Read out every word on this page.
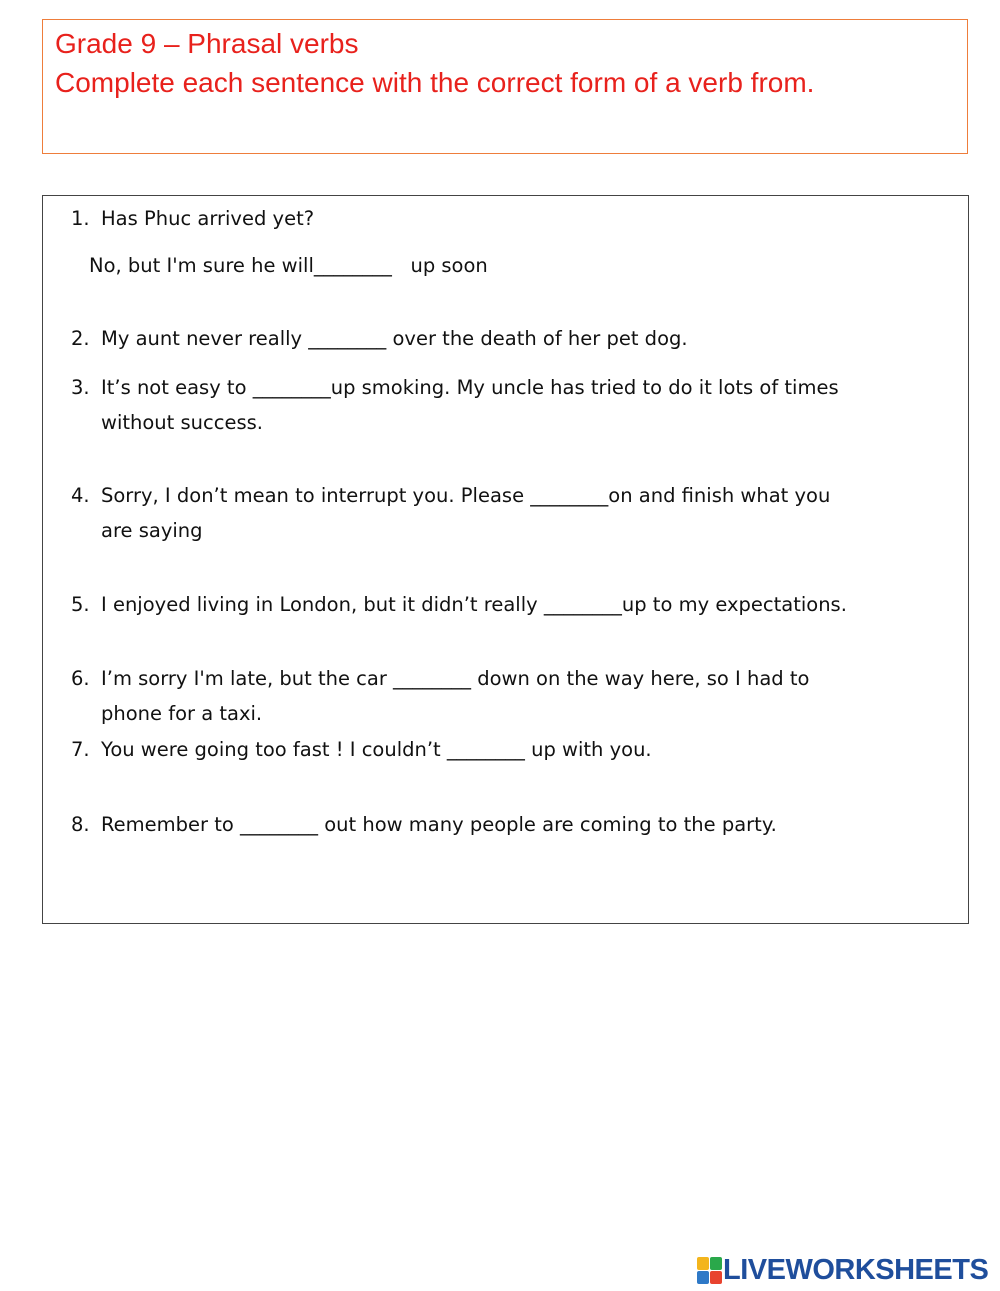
Grade 9 – Phrasal verbs
Complete each sentence with the correct form of a verb from.
1. Has Phuc arrived yet?
No, but I'm sure he will________   up soon
2. My aunt never really ________ over the death of her pet dog.
3. It’s not easy to ________up smoking. My uncle has tried to do it lots of times
without success.
4. Sorry, I don’t mean to interrupt you. Please ________on and finish what you
are saying
5. I enjoyed living in London, but it didn’t really ________up to my expectations.
6. I’m sorry I'm late, but the car ________ down on the way here, so I had to
phone for a taxi.
7. You were going too fast ! I couldn’t ________ up with you.
8. Remember to ________ out how many people are coming to the party.
LIVEWORKSHEETS
